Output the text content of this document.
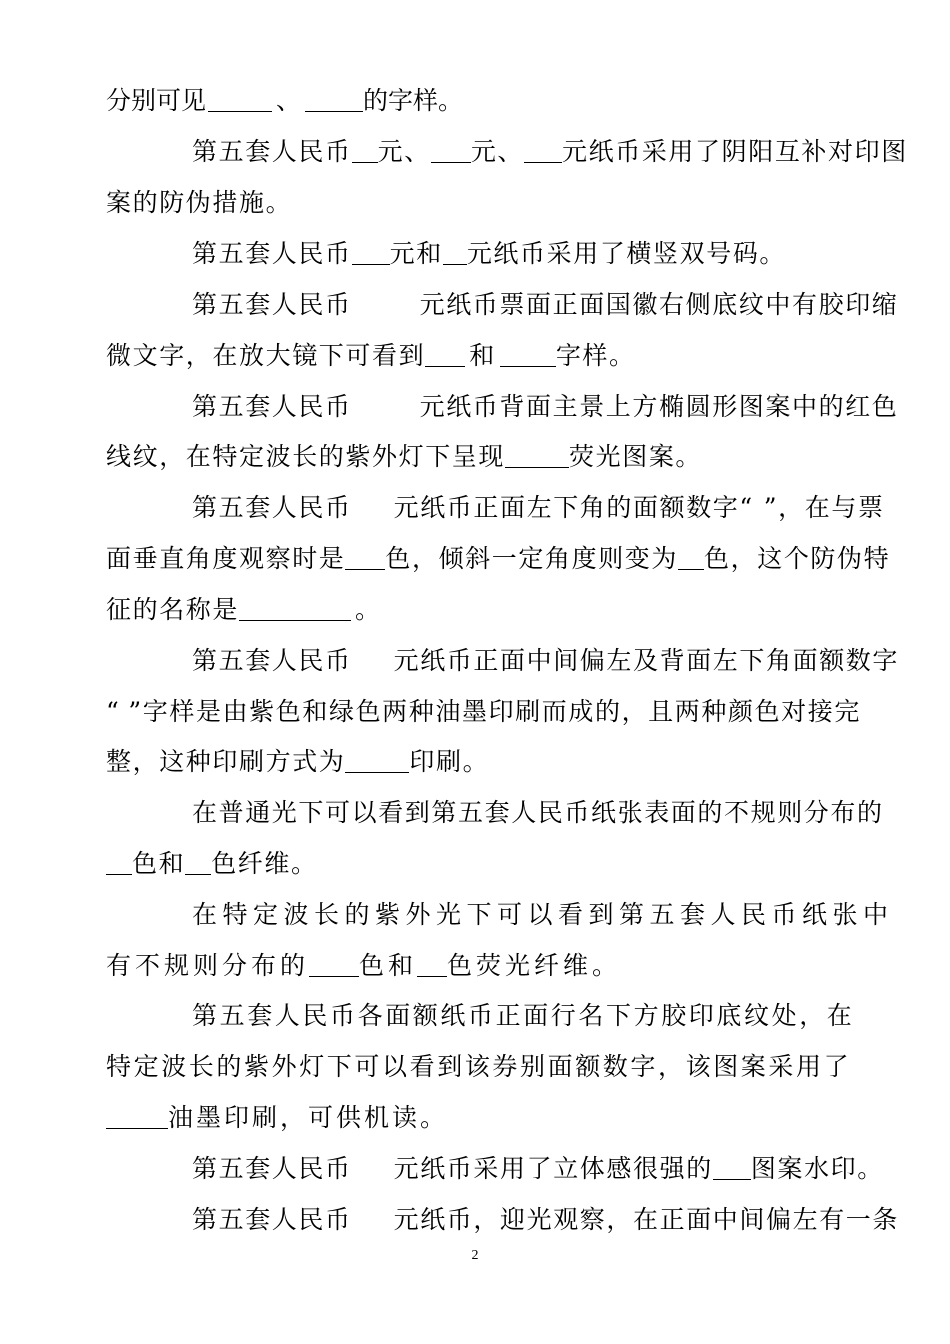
分别可见	、的字样。
第五套人民币 元、 元、 元纸币采用了阴阳互补对印图
案的防伪措施。
第五套人民币 元和 元纸币采用了横竖双号码。
第五套人民币	元纸币票面正面国徽右侧底纹中有胶印缩
微文字，在放大镜下可看到 和 字样。
第五套人民币	元纸币背面主景上方椭圆形图案中的红色
线纹，在特定波长的紫外灯下呈现	荧光图案。
第五套人民币 元纸币正面左下角的面额数字“ ”，在与票
面垂直角度观察时是 色，倾斜一定角度则变为 色，这个防伪特
征的名称是	。
第五套人民币 元纸币正面中间偏左及背面左下角面额数字
“ ”字样是由紫色和绿色两种油墨印刷而成的，且两种颜色对接完
整，这种印刷方式为	印刷。
在普通光下可以看到第五套人民币纸张表面的不规则分布的
色和 色纤维。
在特定波长的紫外光下可以看到第五套人民币纸张中
有不规则分布的 色和 色荧光纤维。
第五套人民币各面额纸币正面行名下方胶印底纹处，在
特定波长的紫外灯下可以看到该券别面额数字，该图案采用了
油墨印刷，可供机读。
第五套人民币 元纸币采用了立体感很强的 图案水印。
第五套人民币 元纸币，迎光观察，在正面中间偏左有一条
2
